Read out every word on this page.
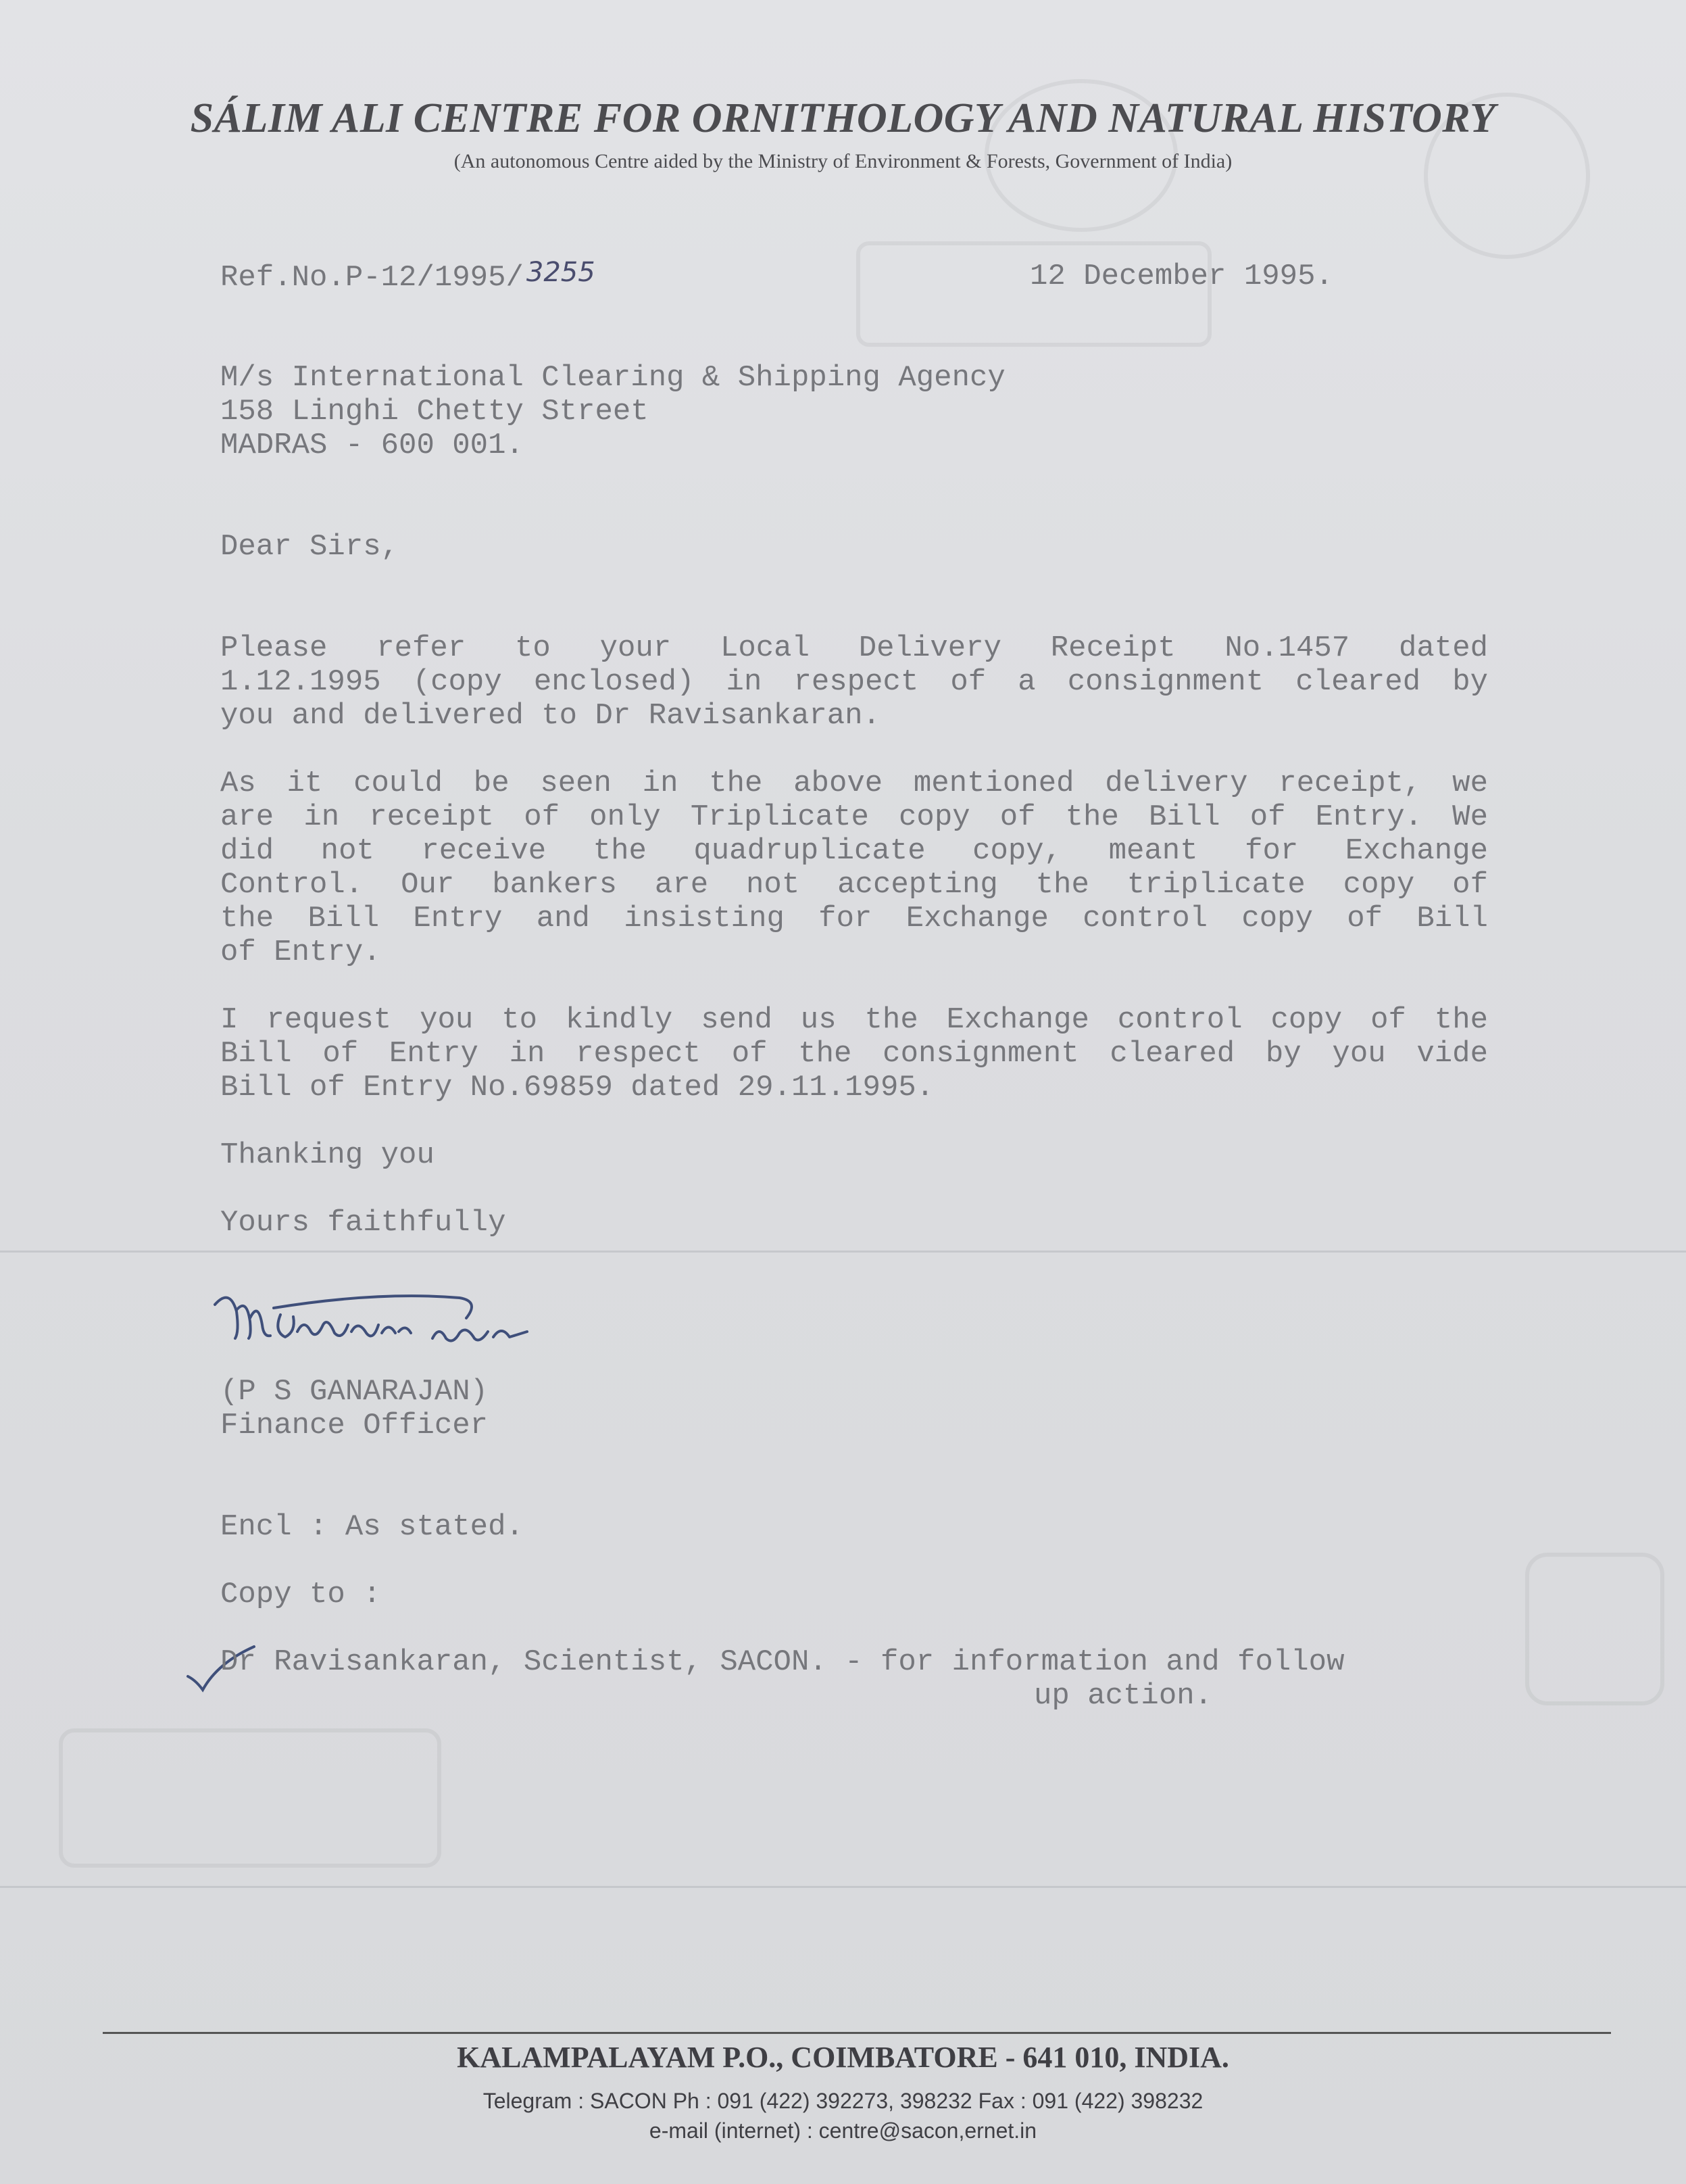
SÁLIM ALI CENTRE FOR ORNITHOLOGY AND NATURAL HISTORY
(An autonomous Centre aided by the Ministry of Environment & Forests, Government of India)
Ref.No.P-12/1995/ 3255	12 December 1995.
M/s International Clearing & Shipping Agency
158 Linghi Chetty Street
MADRAS - 600 001.
Dear Sirs,
Please refer to your Local Delivery Receipt No.1457 dated
1.12.1995 (copy enclosed) in respect of a consignment cleared by
you and delivered to Dr Ravisankaran.
As it could be seen in the above mentioned delivery receipt, we
are in receipt of only Triplicate copy of the Bill of Entry. We
did not receive the quadruplicate copy, meant for Exchange
Control. Our bankers are not accepting the triplicate copy of
the Bill Entry and insisting for Exchange control copy of Bill
of Entry.
I request you to kindly send us the Exchange control copy of the
Bill of Entry in respect of the consignment cleared by you vide
Bill of Entry No.69859 dated 29.11.1995.
Thanking you
Yours faithfully
(P S GANARAJAN)
Finance Officer
Encl : As stated.
Copy to :
Dr Ravisankaran, Scientist, SACON. - for information and follow
up action.
KALAMPALAYAM P.O., COIMBATORE - 641 010, INDIA.
Telegram : SACON Ph : 091 (422) 392273, 398232 Fax : 091 (422) 398232
e-mail (internet) : centre@sacon,ernet.in
